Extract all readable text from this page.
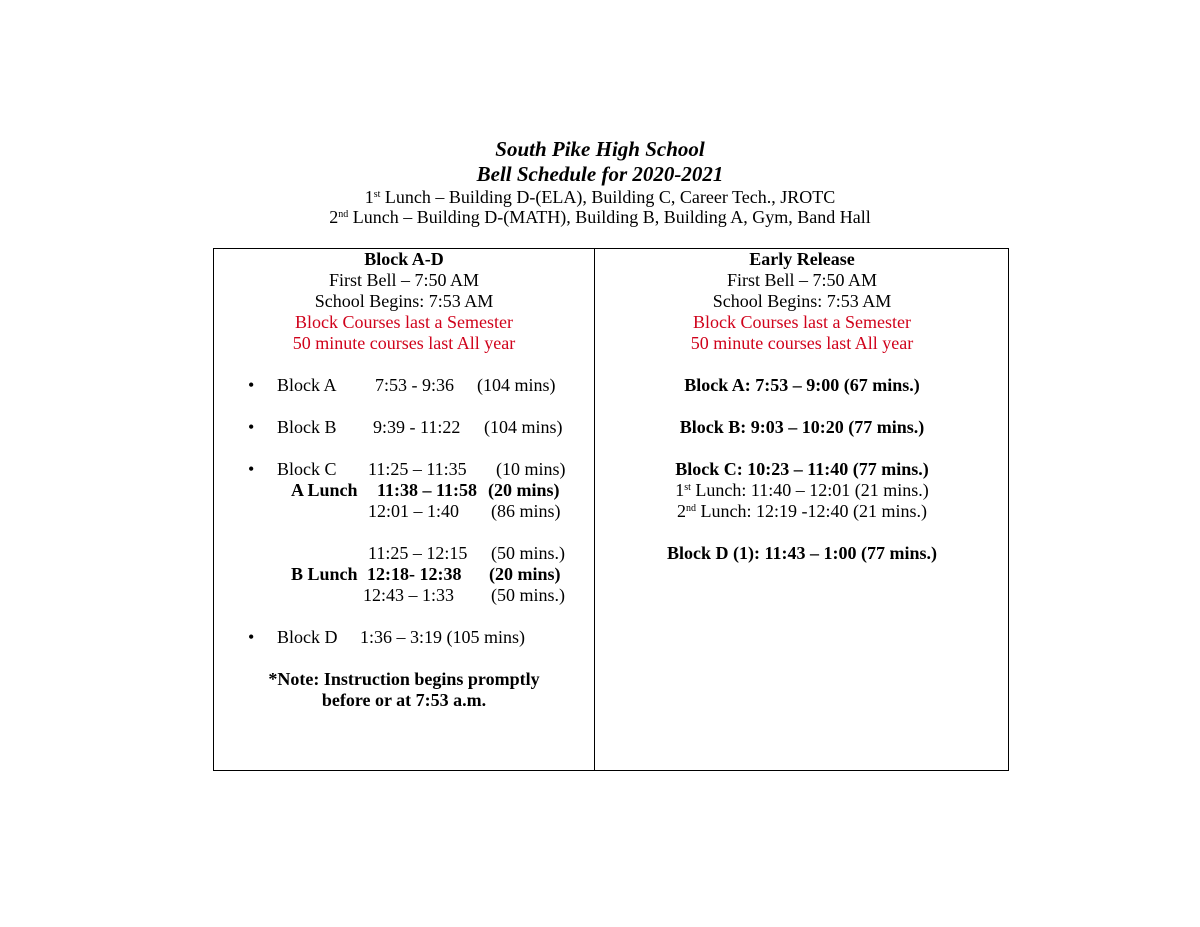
South Pike High School
Bell Schedule for 2020-2021
1st Lunch – Building D-(ELA), Building C, Career Tech., JROTC
2nd Lunch – Building D-(MATH), Building B, Building A, Gym, Band Hall
Block A-D
First Bell – 7:50 AM
School Begins: 7:53 AM
Block Courses last a Semester
50 minute courses last All year
• Block A 7:53 - 9:36 (104 mins)
• Block B 9:39 - 11:22 (104 mins)
• Block C 11:25 – 11:35 (10 mins)
A Lunch 11:38 – 11:58 (20 mins)
12:01 – 1:40 (86 mins)
11:25 – 12:15 (50 mins.)
B Lunch 12:18- 12:38 (20 mins)
12:43 – 1:33 (50 mins.)
• Block D 1:36 – 3:19 (105 mins)
*Note: Instruction begins promptly
before or at 7:53 a.m.
Early Release
First Bell – 7:50 AM
School Begins: 7:53 AM
Block Courses last a Semester
50 minute courses last All year
Block A: 7:53 – 9:00 (67 mins.)
Block B: 9:03 – 10:20 (77 mins.)
Block C: 10:23 – 11:40 (77 mins.)
1st Lunch: 11:40 – 12:01 (21 mins.)
2nd Lunch: 12:19 -12:40 (21 mins.)
Block D (1): 11:43 – 1:00 (77 mins.)
